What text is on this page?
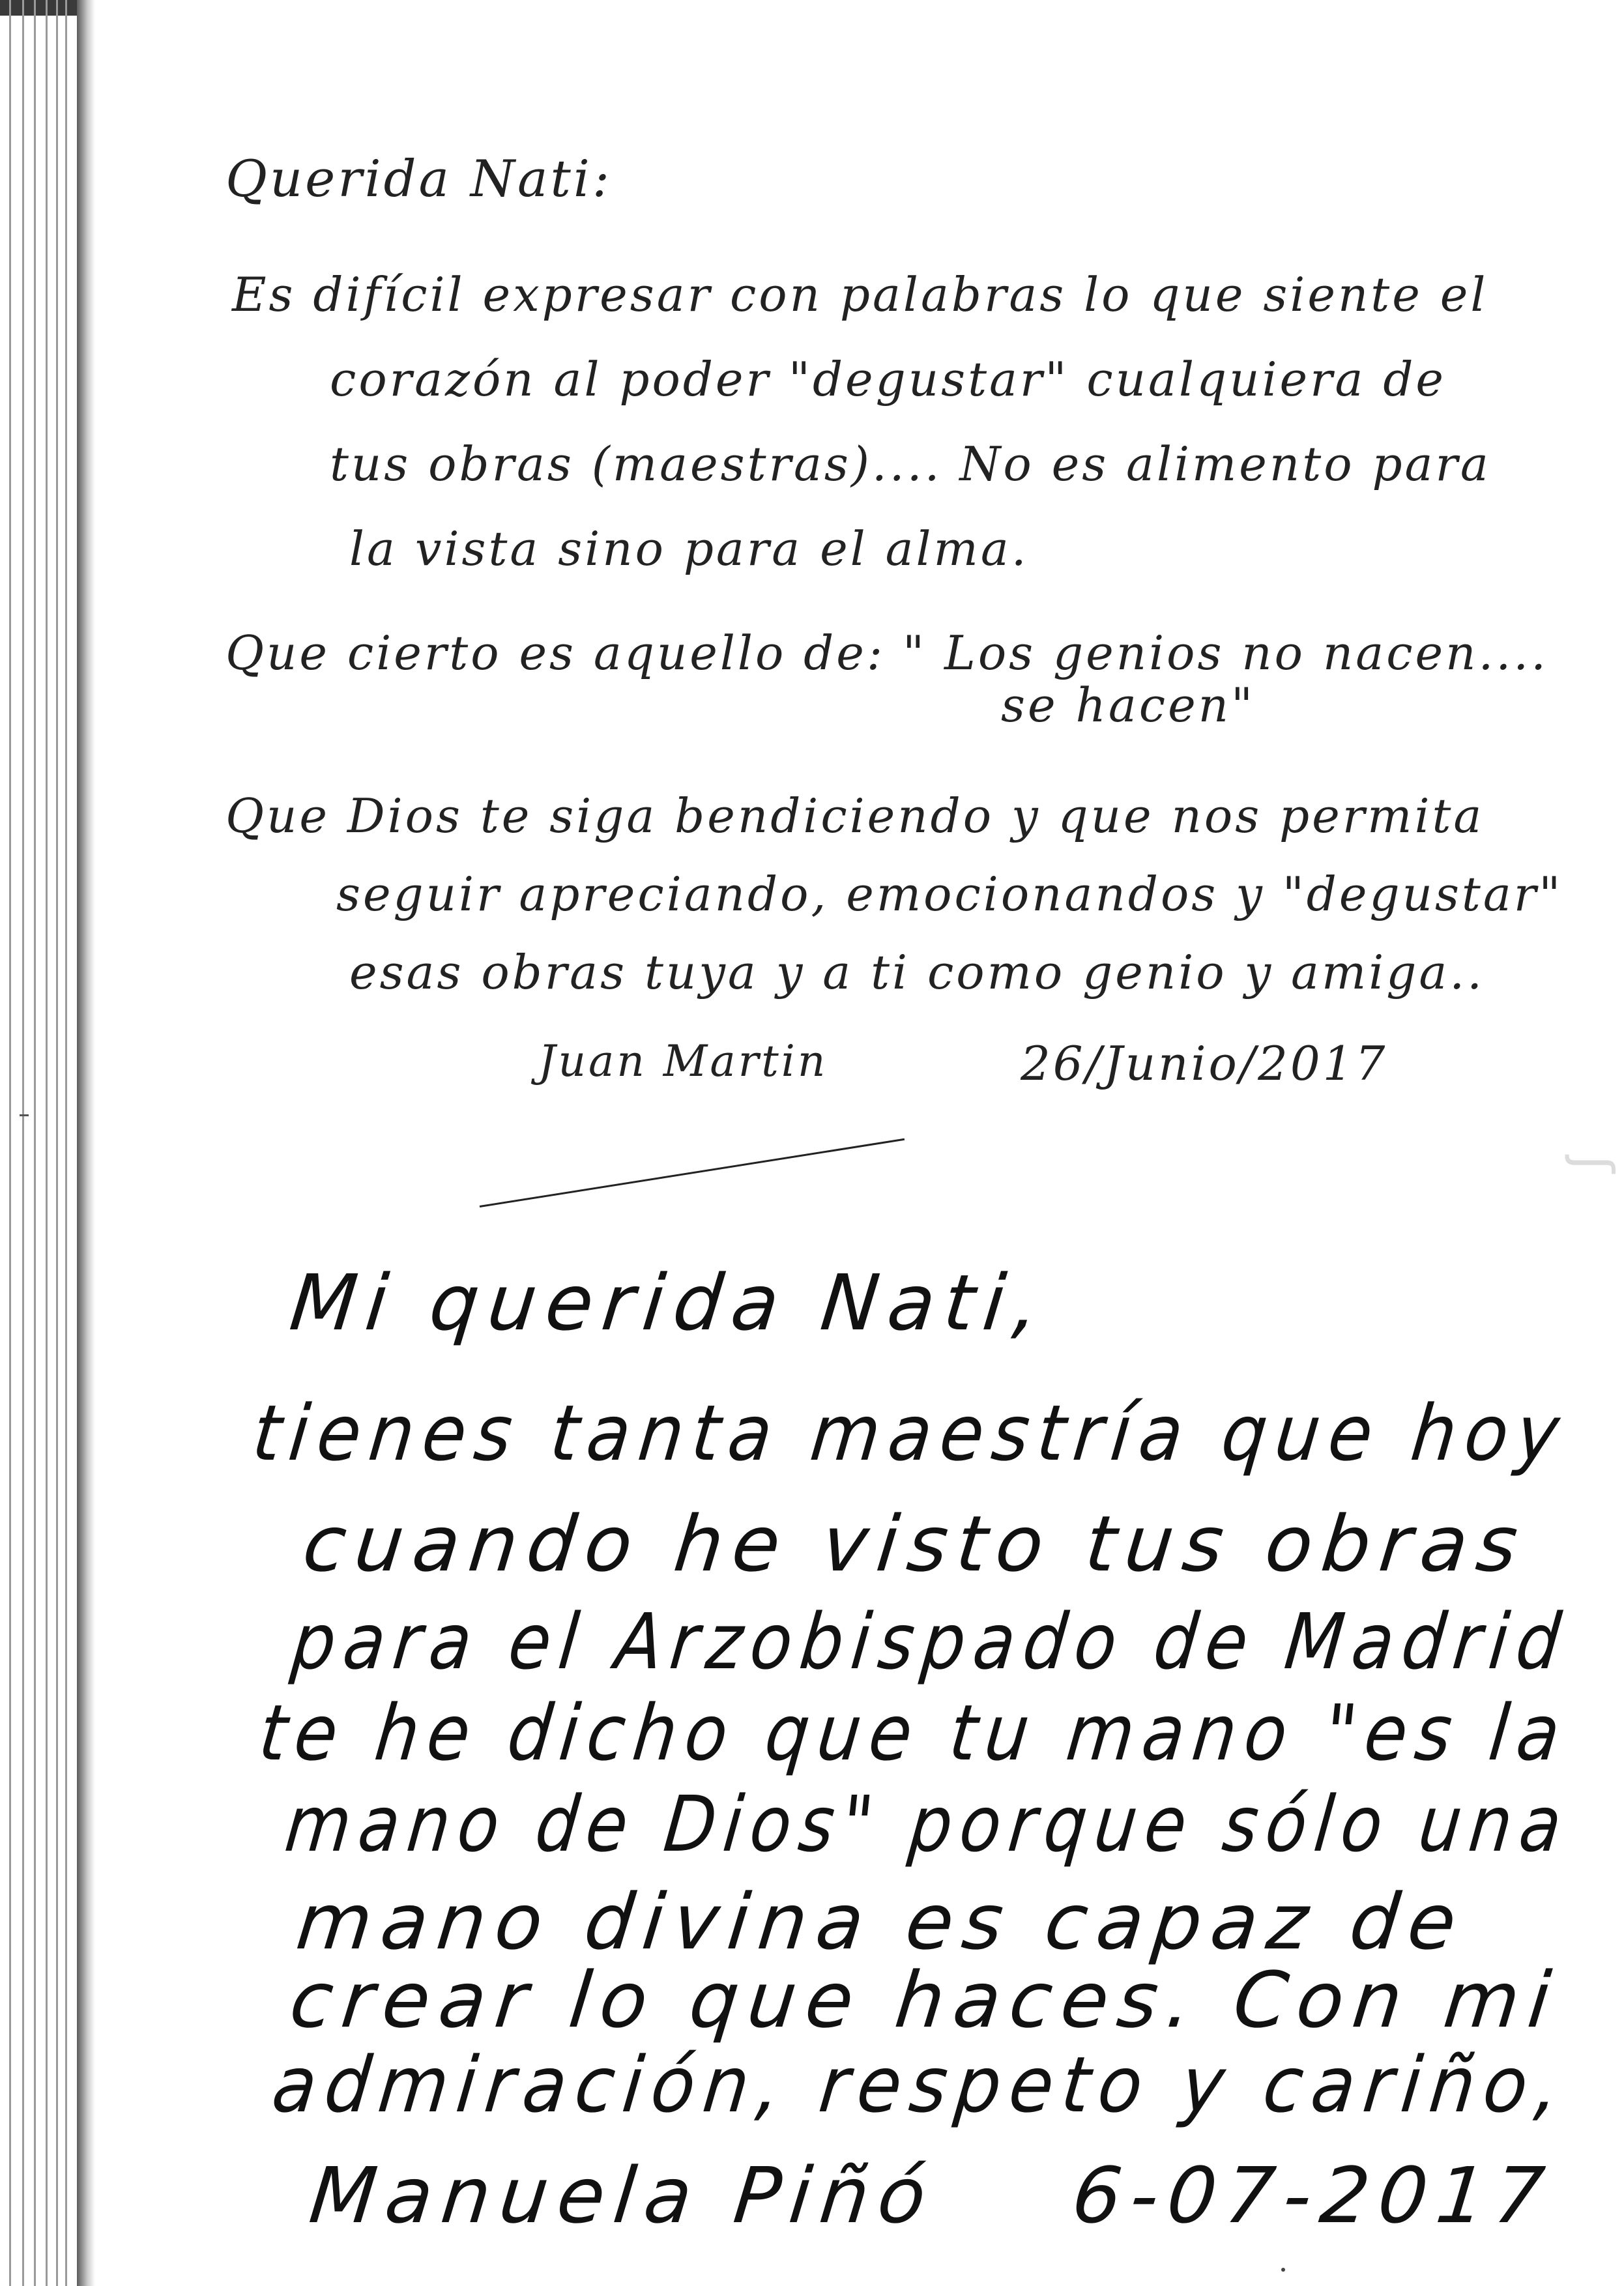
Querida Nati:
Es difícil expresar con palabras lo que siente el
corazón al poder "degustar" cualquiera de
tus obras (maestras).... No es alimento para
la vista sino para el alma.
Que cierto es aquello de: " Los genios no nacen....
se hacen"
Que Dios te siga bendiciendo y que nos permita
seguir apreciando, emocionandos y "degustar"
esas obras tuya y a ti como genio y amiga..
Juan Martin	26/Junio/2017
Mi querida Nati,
tienes tanta maestría que hoy
cuando he visto tus obras
para el Arzobispado de Madrid
te he dicho que tu mano "es la
mano de Dios" porque sólo una
mano divina es capaz de
crear lo que haces. Con mi
admiración, respeto y cariño,
Manuela Piñó 6-07-2017
ʃ
